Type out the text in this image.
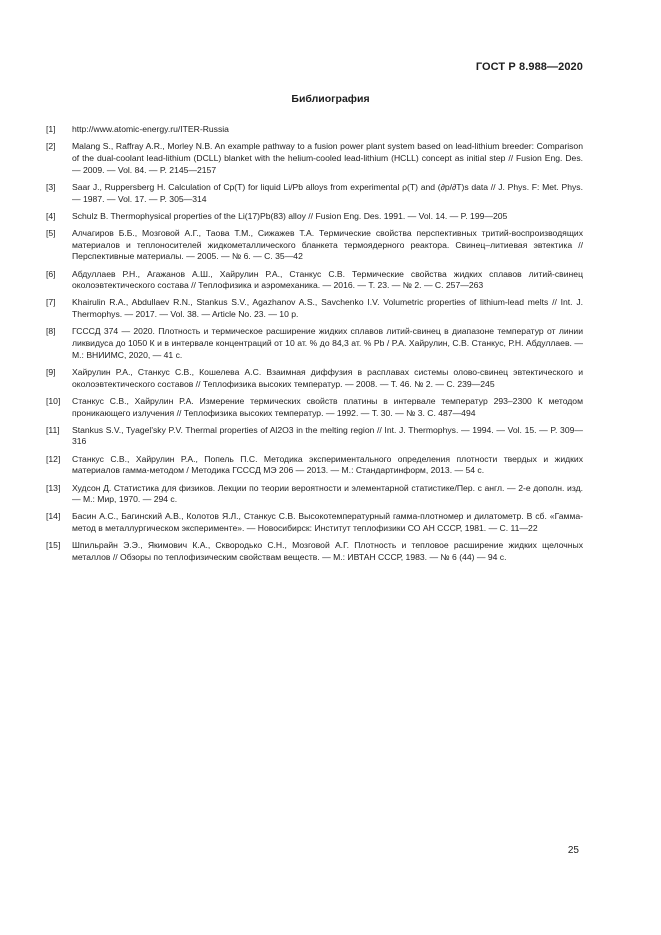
ГОСТ Р 8.988—2020
Библиография
[1] http://www.atomic-energy.ru/ITER-Russia
[2] Malang S., Raffray A.R., Morley N.B. An example pathway to a fusion power plant system based on lead-lithium breeder: Comparison of the dual-coolant lead-lithium (DCLL) blanket with the helium-cooled lead-lithium (HCLL) concept as initial step // Fusion Eng. Des. — 2009. — Vol. 84. — P. 2145—2157
[3] Saar J., Ruppersberg H. Calculation of Cp(T) for liquid Li/Pb alloys from experimental ρ(T) and (∂p/∂T)s data // J. Phys. F: Met. Phys. — 1987. — Vol. 17. — P. 305—314
[4] Schulz B. Thermophysical properties of the Li(17)Pb(83) alloy // Fusion Eng. Des. 1991. — Vol. 14. — P. 199—205
[5] Алчагиров Б.Б., Мозговой А.Г., Таова Т.М., Сижажев Т.А. Термические свойства перспективных тритий-воспроизводящих материалов и теплоносителей жидкометаллического бланкета термоядерного реактора. Свинец–литиевая эвтектика // Перспективные материалы. — 2005. — № 6. — С. 35—42
[6] Абдуллаев Р.Н., Агажанов А.Ш., Хайрулин Р.А., Станкус С.В. Термические свойства жидких сплавов литий-свинец околоэвтектического состава // Теплофизика и аэромеханика. — 2016. — Т. 23. — № 2. — С. 257—263
[7] Khairulin R.A., Abdullaev R.N., Stankus S.V., Agazhanov A.S., Savchenko I.V. Volumetric properties of lithium-lead melts // Int. J. Thermophys. — 2017. — Vol. 38. — Article No. 23. — 10 p.
[8] ГСССД 374 — 2020. Плотность и термическое расширение жидких сплавов литий-свинец в диапазоне температур от линии ликвидуса до 1050 К и в интервале концентраций от 10 ат. % до 84,3 ат. % Pb / Р.А. Хайрулин, С.В. Станкус, Р.Н. Абдуллаев. — М.: ВНИИМС, 2020, — 41 с.
[9] Хайрулин Р.А., Станкус С.В., Кошелева А.С. Взаимная диффузия в расплавах системы олово-свинец эвтектического и околоэвтектического составов // Теплофизика высоких температур. — 2008. — Т. 46. № 2. — С. 239—245
[10] Станкус С.В., Хайрулин Р.А. Измерение термических свойств платины в интервале температур 293–2300 К методом проникающего излучения // Теплофизика высоких температур. — 1992. — Т. 30. — № 3. С. 487—494
[11] Stankus S.V., Tyagel'sky P.V. Thermal properties of Al2O3 in the melting region // Int. J. Thermophys. — 1994. — Vol. 15. — P. 309—316
[12] Станкус С.В., Хайрулин Р.А., Попель П.С. Методика экспериментального определения плотности твердых и жидких материалов гамма-методом / Методика ГСССД МЭ 206 — 2013. — М.: Стандартинформ, 2013. — 54 с.
[13] Худсон Д. Статистика для физиков. Лекции по теории вероятности и элементарной статистике/Пер. с англ. — 2-е дополн. изд. — М.: Мир, 1970. — 294 с.
[14] Басин А.С., Багинский А.В., Колотов Я.Л., Станкус С.В. Высокотемпературный гамма-плотномер и дилатометр. В сб. «Гамма-метод в металлургическом эксперименте». — Новосибирск: Институт теплофизики СО АН СССР, 1981. — С. 11—22
[15] Шпильрайн Э.Э., Якимович К.А., Сквородько С.Н., Мозговой А.Г. Плотность и тепловое расширение жидких щелочных металлов // Обзоры по теплофизическим свойствам веществ. — М.: ИВТАН СССР, 1983. — № 6 (44) — 94 с.
25
